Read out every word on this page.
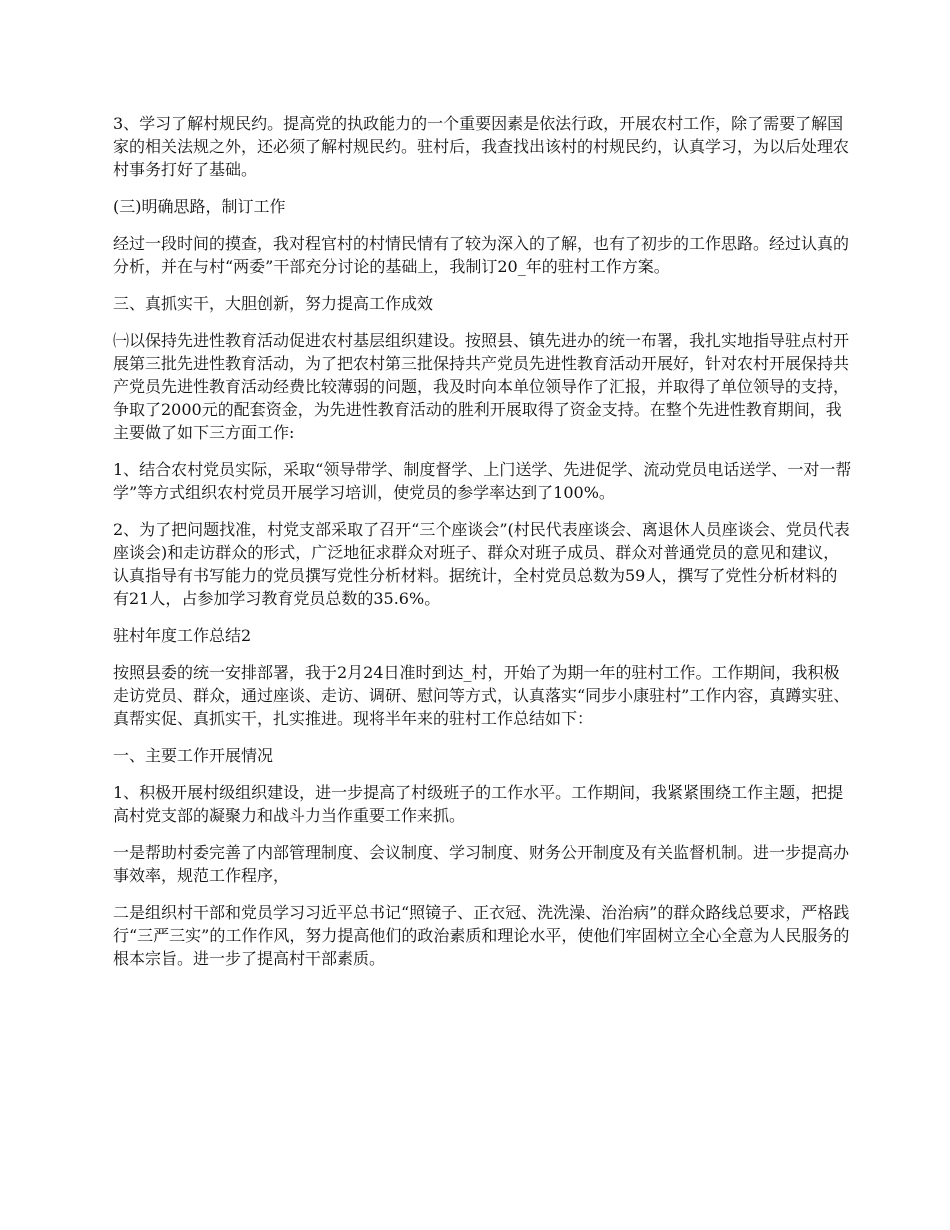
3、学习了解村规民约。提高党的执政能力的一个重要因素是依法行政，开展农村工作，除了需要了解国家的相关法规之外，还必须了解村规民约。驻村后，我查找出该村的村规民约，认真学习，为以后处理农村事务打好了基础。

(三)明确思路，制订工作

经过一段时间的摸查，我对程官村的村情民情有了较为深入的了解，也有了初步的工作思路。经过认真的分析，并在与村“两委”干部充分讨论的基础上，我制订20_年的驻村工作方案。

三、真抓实干，大胆创新，努力提高工作成效

㈠以保持先进性教育活动促进农村基层组织建设。按照县、镇先进办的统一布署，我扎实地指导驻点村开展第三批先进性教育活动，为了把农村第三批保持共产党员先进性教育活动开展好，针对农村开展保持共产党员先进性教育活动经费比较薄弱的问题，我及时向本单位领导作了汇报，并取得了单位领导的支持，争取了2000元的配套资金，为先进性教育活动的胜利开展取得了资金支持。在整个先进性教育期间，我主要做了如下三方面工作:

1、结合农村党员实际，采取“领导带学、制度督学、上门送学、先进促学、流动党员电话送学、一对一帮学”等方式组织农村党员开展学习培训，使党员的参学率达到了100%。

2、为了把问题找准，村党支部采取了召开“三个座谈会”(村民代表座谈会、离退休人员座谈会、党员代表座谈会)和走访群众的形式，广泛地征求群众对班子、群众对班子成员、群众对普通党员的意见和建议，认真指导有书写能力的党员撰写党性分析材料。据统计，全村党员总数为59人，撰写了党性分析材料的有21人，占参加学习教育党员总数的35.6%。

驻村年度工作总结2

按照县委的统一安排部署，我于2月24日准时到达_村，开始了为期一年的驻村工作。工作期间，我积极走访党员、群众，通过座谈、走访、调研、慰问等方式，认真落实“同步小康驻村”工作内容，真蹲实驻、真帮实促、真抓实干，扎实推进。现将半年来的驻村工作总结如下：

一、主要工作开展情况

1、积极开展村级组织建设，进一步提高了村级班子的工作水平。工作期间，我紧紧围绕工作主题，把提高村党支部的凝聚力和战斗力当作重要工作来抓。

一是帮助村委完善了内部管理制度、会议制度、学习制度、财务公开制度及有关监督机制。进一步提高办事效率，规范工作程序，

二是组织村干部和党员学习习近平总书记“照镜子、正衣冠、洗洗澡、治治病”的群众路线总要求，严格践行“三严三实”的工作作风，努力提高他们的政治素质和理论水平，使他们牢固树立全心全意为人民服务的根本宗旨。进一步了提高村干部素质。
